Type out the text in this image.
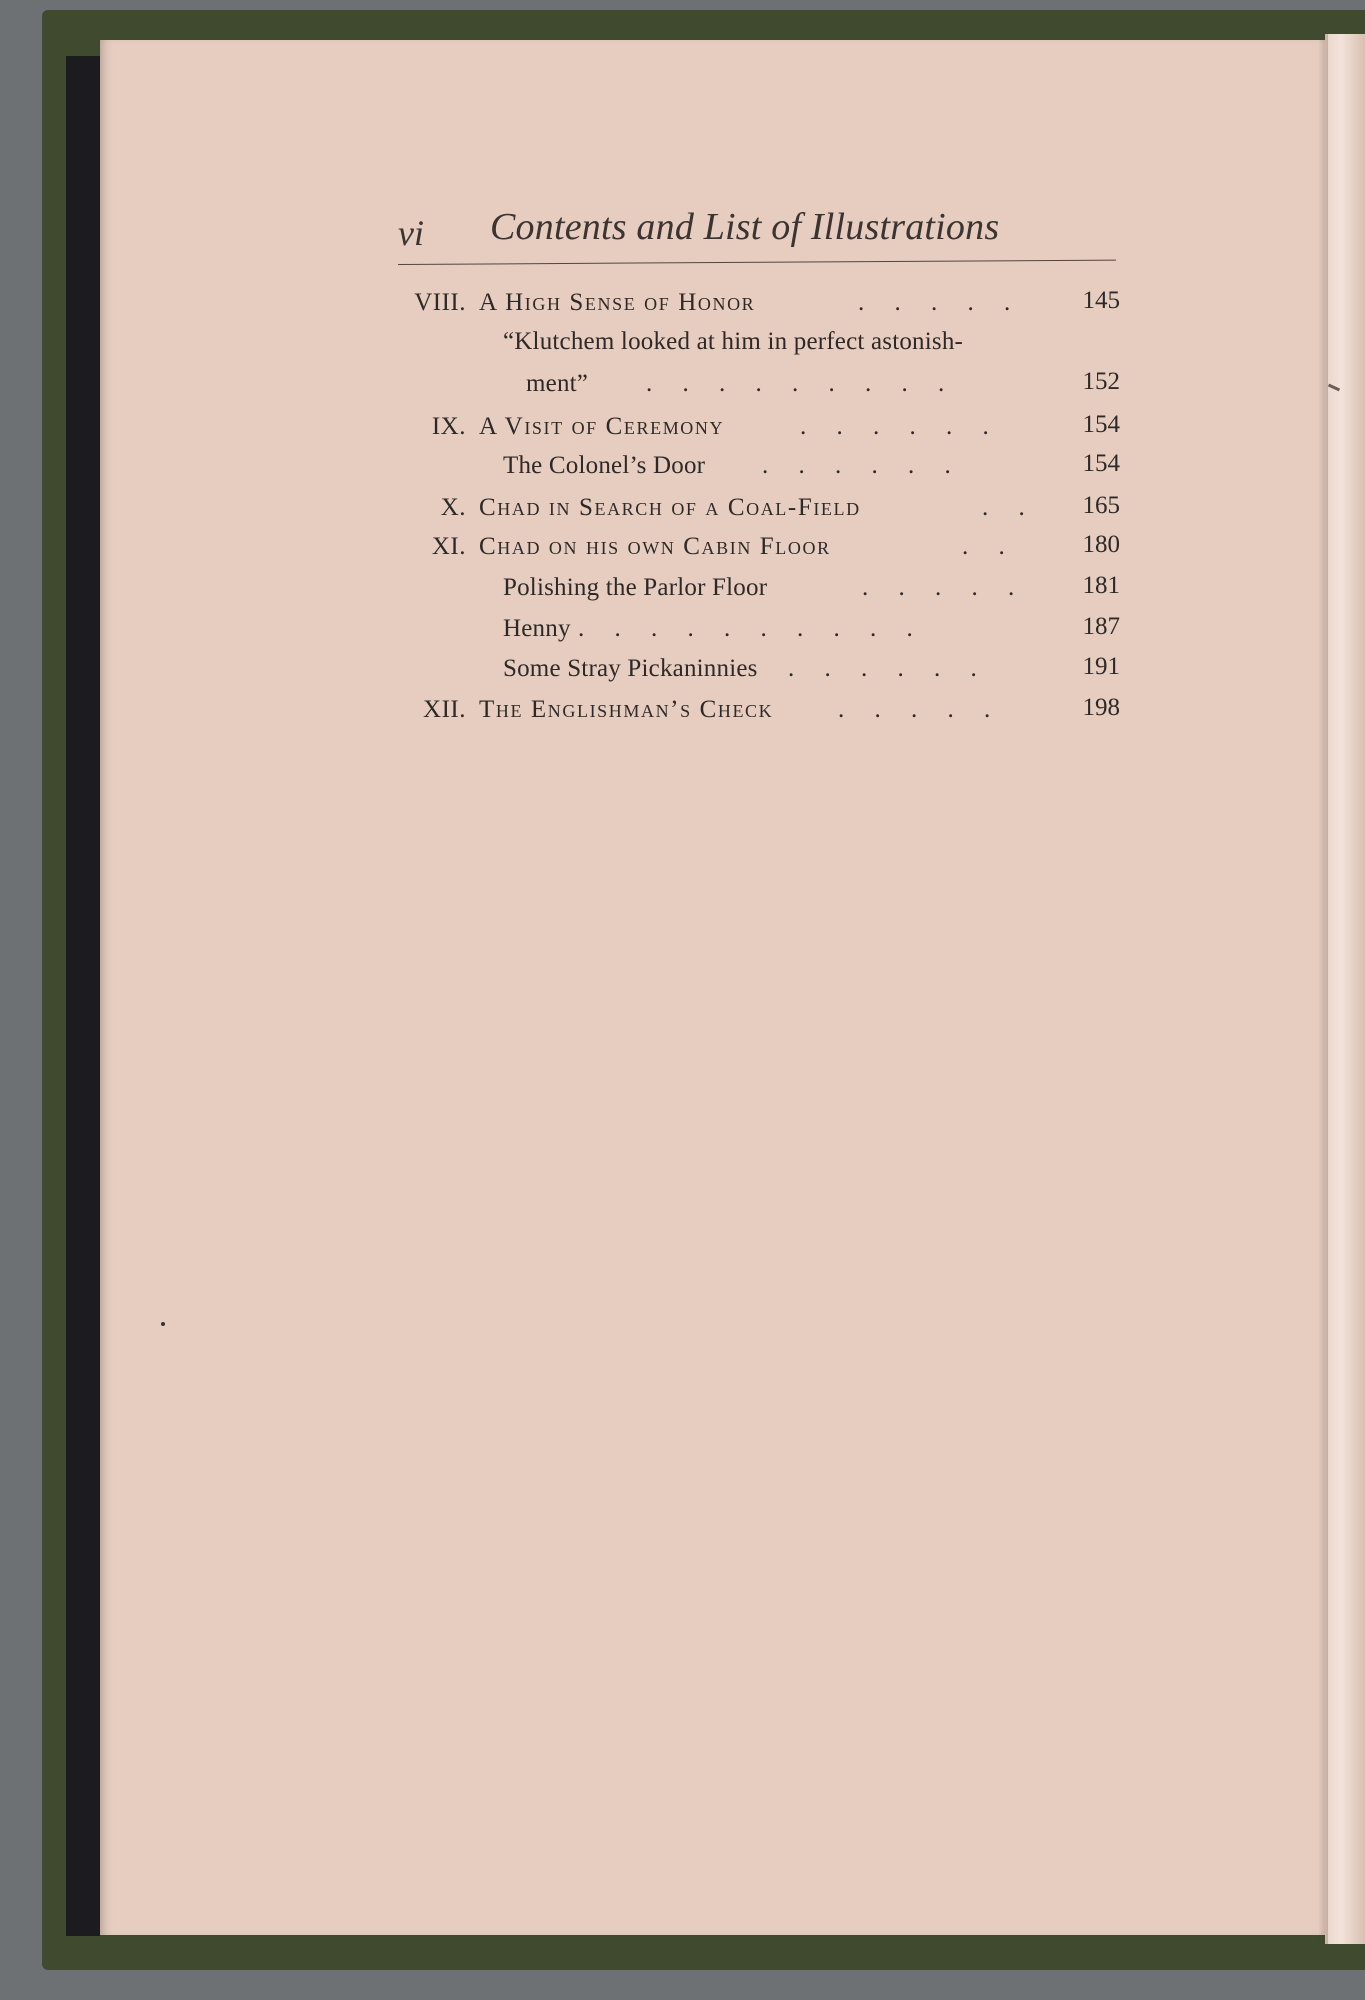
vi Contents and List of Illustrations
VIII. A High Sense of Honor	. . . . .	145
“Klutchem looked at him in perfect astonish-
ment” . . . . . . . . .	152
IX. A Visit of Ceremony	. . . . . .	154
The Colonel’s Door . . . . . .	154
X. Chad in Search of a Coal-Field	. .	165
XI. Chad on his own Cabin Floor	. .	180
Polishing the Parlor Floor	. . . . .	181
Henny . . . . . . . . . .	187
Some Stray Pickaninnies . . . . . .	191
XII. The Englishman’s Check	. . . . .	198
